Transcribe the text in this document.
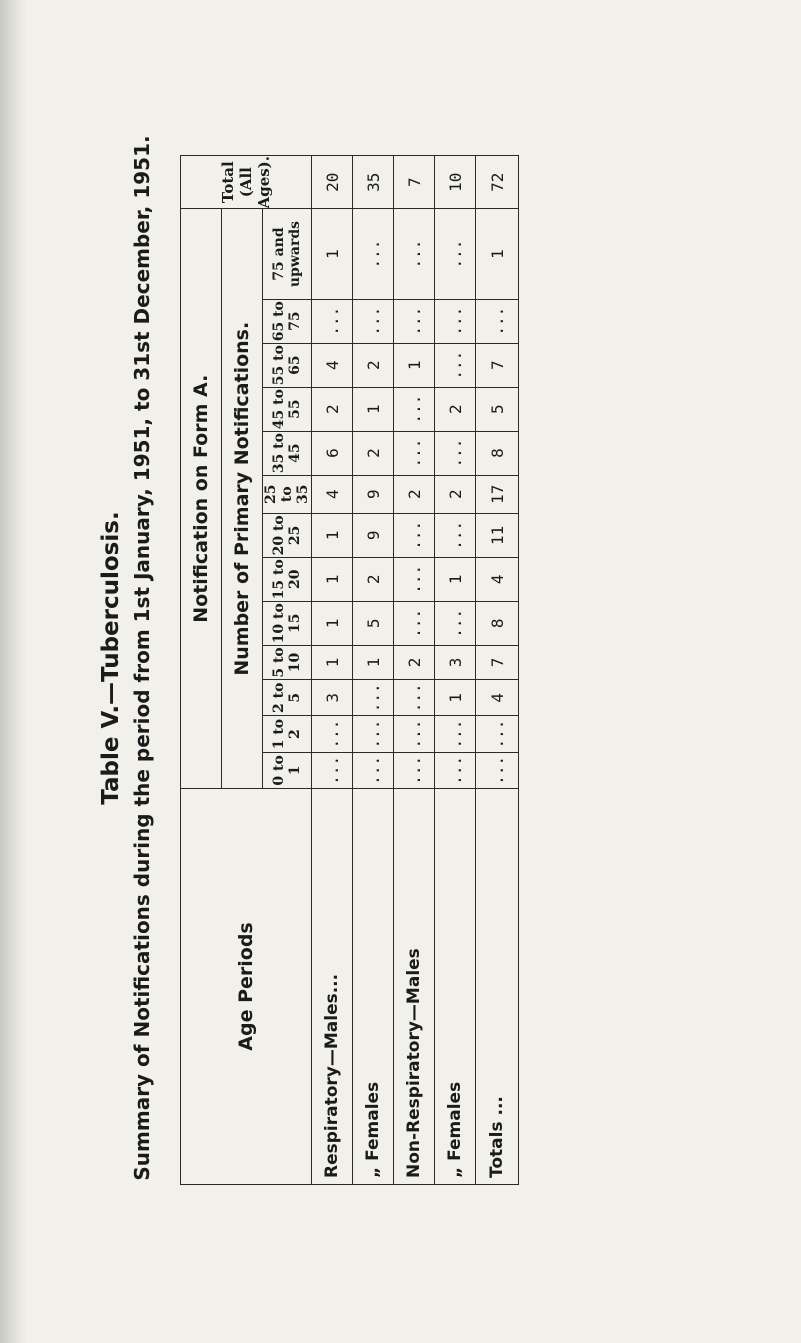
Table V.—Tuberculosis. Summary of Notifications during the period from 1st January, 1951, to 31st December, 1951.	Age Periods	Notification on Form A.													Total (All Ages).
	Number of Primary Notifications.													
	0 to 1	1 to 2	2 to 5	5 to 10	10 to 15	15 to 20	20 to 25	25 to 35	35 to 45	45 to 55	55 to 65	65 to 75	75 and upwards	
Respiratory—Males...	...	...	3	1	1	1	1	4	6	2	4	...	1	20
„ Females	...	...	...	1	5	2	9	9	2	1	2	...	...	35
Non-Respiratory—Males	...	...	...	2	...	...	...	2	...	...	1	...	...	7
„ Females	...	...	1	3	...	1	...	2	...	2	...	...	...	10
Totals ...	...	...	4	7	8	4	11	17	8	5	7	...	1	72
